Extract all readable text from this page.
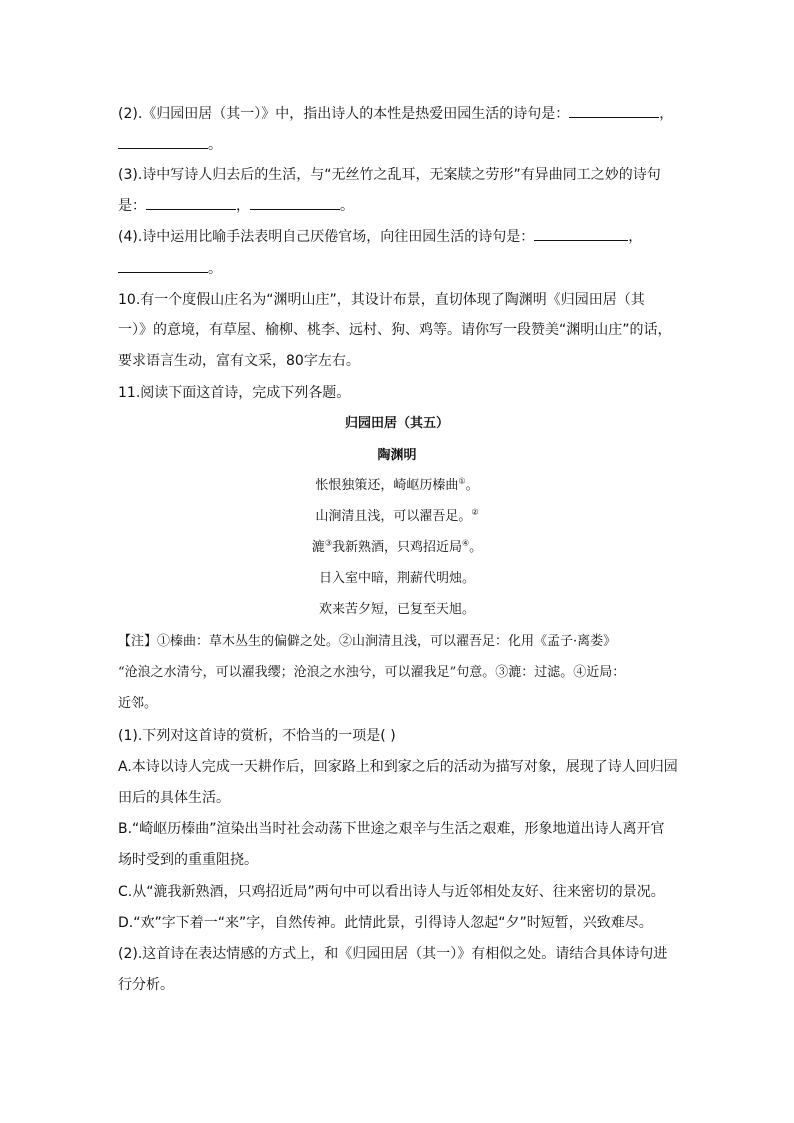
(2).《归园田居（其一）》中，指出诗人的本性是热爱田园生活的诗句是：	，
。
(3).诗中写诗人归去后的生活，与“无丝竹之乱耳，无案牍之劳形”有异曲同工之妙的诗句
是：	，	。
(4).诗中运用比喻手法表明自己厌倦官场，向往田园生活的诗句是：	，
。
10.有一个度假山庄名为“渊明山庄”，其设计布景，直切体现了陶渊明《归园田居（其
一）》的意境，有草屋、榆柳、桃李、远村、狗、鸡等。请你写一段赞美“渊明山庄”的话，
要求语言生动，富有文采，80字左右。
11.阅读下面这首诗，完成下列各题。
归园田居（其五）
陶渊明
怅恨独策还，崎岖历榛曲①。
山涧清且浅，可以濯吾足。②
漉③我新熟酒，只鸡招近局④。
日入室中暗，荆薪代明烛。
欢来苦夕短，已复至天旭。
【注】①榛曲：草木丛生的偏僻之处。②山涧清且浅，可以濯吾足：化用《孟子·离娄》
“沧浪之水清兮，可以濯我缨；沧浪之水浊兮，可以濯我足”句意。③漉：过滤。④近局：
近邻。
(1).下列对这首诗的赏析，不恰当的一项是( )
A.本诗以诗人完成一天耕作后，回家路上和到家之后的活动为描写对象，展现了诗人回归园
田后的具体生活。
B.“崎岖历榛曲”渲染出当时社会动荡下世途之艰辛与生活之艰难，形象地道出诗人离开官
场时受到的重重阻挠。
C.从“漉我新熟酒，只鸡招近局”两句中可以看出诗人与近邻相处友好、往来密切的景况。
D.“欢”字下着一“来”字，自然传神。此情此景，引得诗人忽起“夕”时短暂，兴致难尽。
(2).这首诗在表达情感的方式上，和《归园田居（其一）》有相似之处。请结合具体诗句进
行分析。
